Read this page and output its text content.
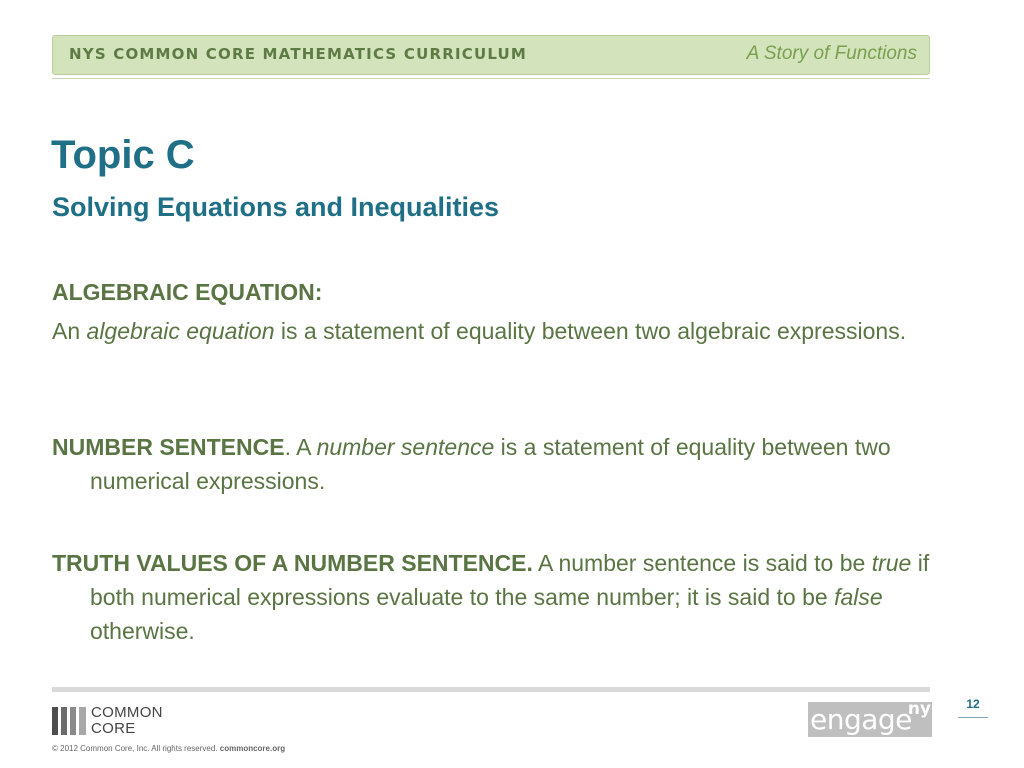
NYS COMMON CORE MATHEMATICS CURRICULUM	A Story of Functions
Topic C
Solving Equations and Inequalities
ALGEBRAIC EQUATION:
An algebraic equation is a statement of equality between two algebraic expressions.
NUMBER SENTENCE. A number sentence is a statement of equality between two numerical expressions.
TRUTH VALUES OF A NUMBER SENTENCE. A number sentence is said to be true if both numerical expressions evaluate to the same number; it is said to be false otherwise.
COMMON
CORE
© 2012 Common Core, Inc. All rights reserved. commoncore.org
engage
ny	12
